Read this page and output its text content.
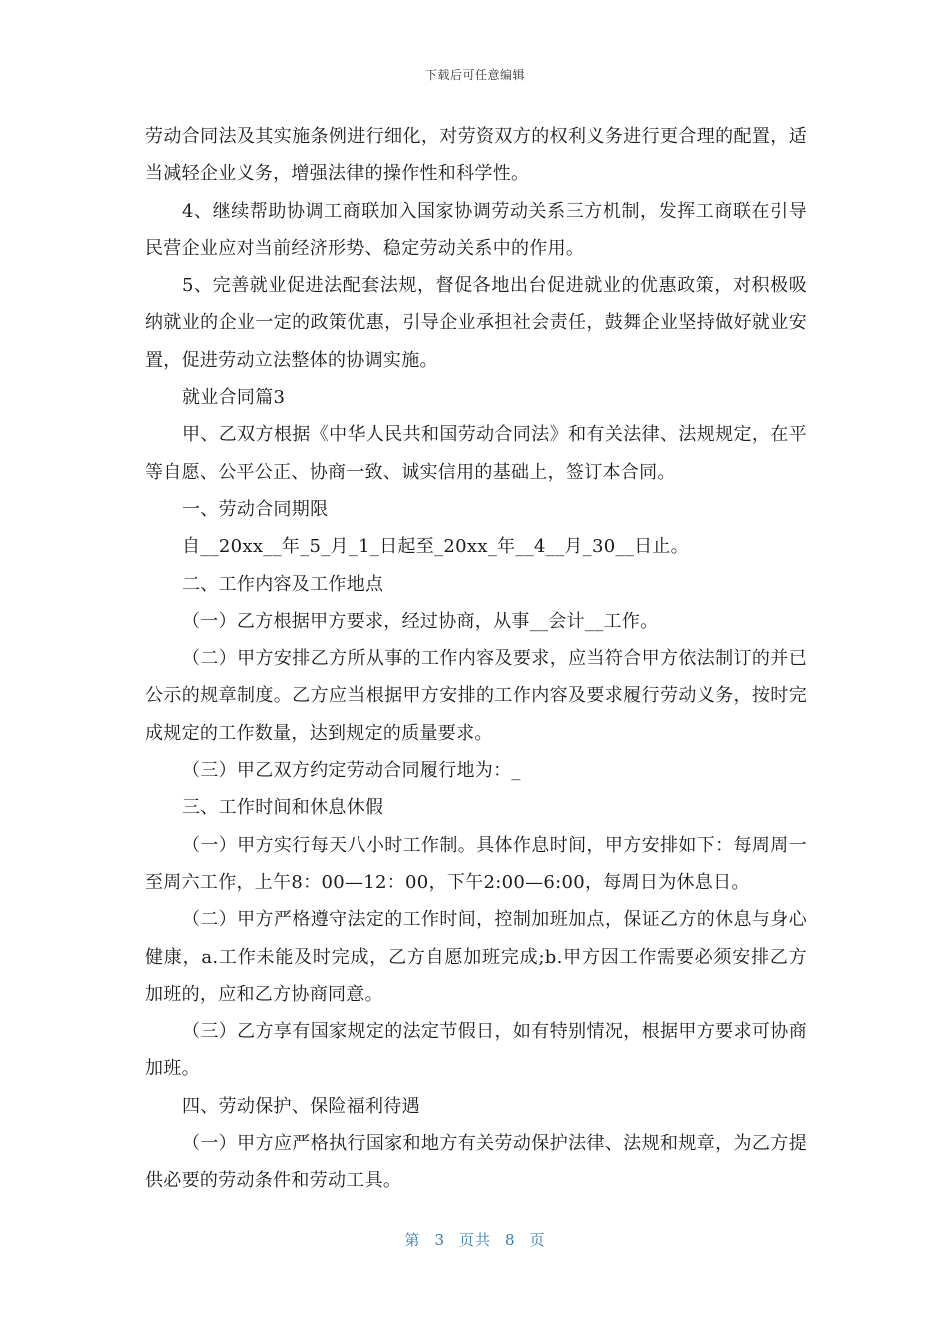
下载后可任意编辑

劳动合同法及其实施条例进行细化，对劳资双方的权利义务进行更合理的配置，适当减轻企业义务，增强法律的操作性和科学性。

4、继续帮助协调工商联加入国家协调劳动关系三方机制，发挥工商联在引导民营企业应对当前经济形势、稳定劳动关系中的作用。

5、完善就业促进法配套法规，督促各地出台促进就业的优惠政策，对积极吸纳就业的企业一定的政策优惠，引导企业承担社会责任，鼓舞企业坚持做好就业安置，促进劳动立法整体的协调实施。

就业合同篇3

甲、乙双方根据《中华人民共和国劳动合同法》和有关法律、法规规定，在平等自愿、公平公正、协商一致、诚实信用的基础上，签订本合同。

一、劳动合同期限

自__20xx__年_5_月_1_日起至_20xx_年__4__月_30__日止。

二、工作内容及工作地点

（一）乙方根据甲方要求，经过协商，从事__会计__工作。

（二）甲方安排乙方所从事的工作内容及要求，应当符合甲方依法制订的并已公示的规章制度。乙方应当根据甲方安排的工作内容及要求履行劳动义务，按时完成规定的工作数量，达到规定的质量要求。

（三）甲乙双方约定劳动合同履行地为：_

三、工作时间和休息休假

（一）甲方实行每天八小时工作制。具体作息时间，甲方安排如下：每周周一至周六工作，上午8：00—12：00，下午2:00—6:00，每周日为休息日。

（二）甲方严格遵守法定的工作时间，控制加班加点，保证乙方的休息与身心健康，a.工作未能及时完成，乙方自愿加班完成;b.甲方因工作需要必须安排乙方加班的，应和乙方协商同意。

（三）乙方享有国家规定的法定节假日，如有特别情况，根据甲方要求可协商加班。

四、劳动保护、保险福利待遇

（一）甲方应严格执行国家和地方有关劳动保护法律、法规和规章，为乙方提供必要的劳动条件和劳动工具。

第 3 页共 8 页
